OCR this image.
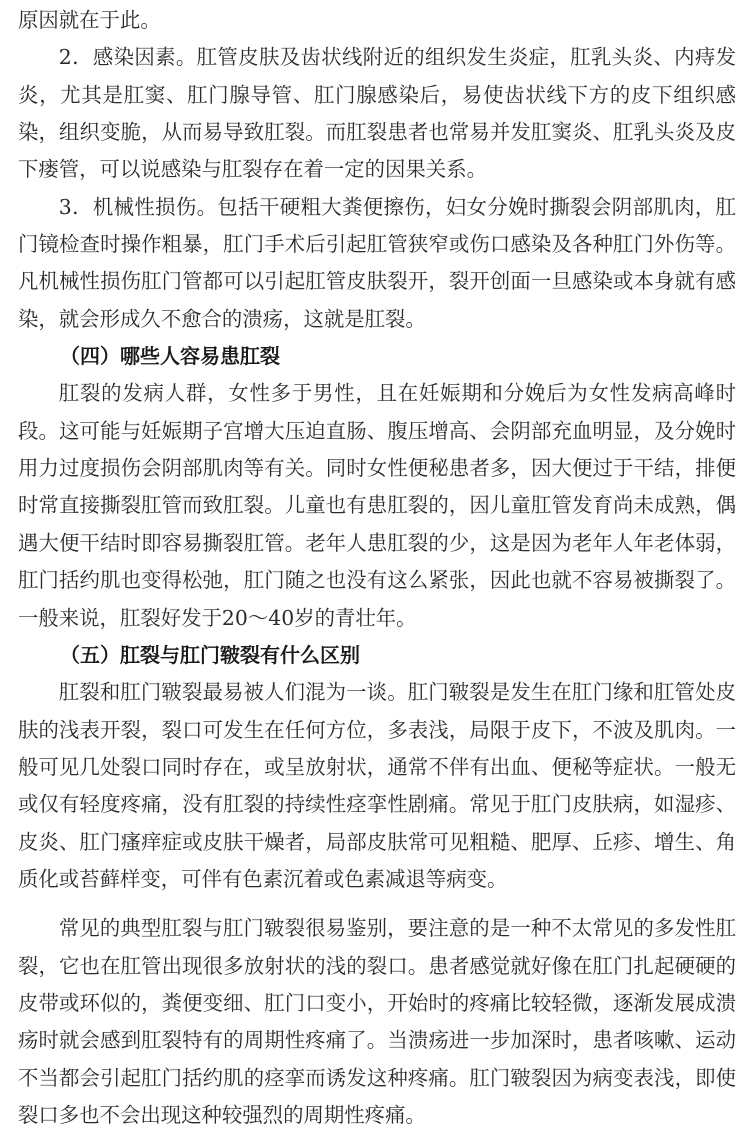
原因就在于此。

2．感染因素。肛管皮肤及齿状线附近的组织发生炎症，肛乳头炎、内痔发炎，尤其是肛窦、肛门腺导管、肛门腺感染后，易使齿状线下方的皮下组织感染，组织变脆，从而易导致肛裂。而肛裂患者也常易并发肛窦炎、肛乳头炎及皮下瘘管，可以说感染与肛裂存在着一定的因果关系。

3．机械性损伤。包括干硬粗大粪便擦伤，妇女分娩时撕裂会阴部肌肉，肛门镜检查时操作粗暴，肛门手术后引起肛管狭窄或伤口感染及各种肛门外伤等。凡机械性损伤肛门管都可以引起肛管皮肤裂开，裂开创面一旦感染或本身就有感染，就会形成久不愈合的溃疡，这就是肛裂。

（四）哪些人容易患肛裂

肛裂的发病人群，女性多于男性，且在妊娠期和分娩后为女性发病高峰时段。这可能与妊娠期子宫增大压迫直肠、腹压增高、会阴部充血明显，及分娩时用力过度损伤会阴部肌肉等有关。同时女性便秘患者多，因大便过于干结，排便时常直接撕裂肛管而致肛裂。儿童也有患肛裂的，因儿童肛管发育尚未成熟，偶遇大便干结时即容易撕裂肛管。老年人患肛裂的少，这是因为老年人年老体弱，肛门括约肌也变得松弛，肛门随之也没有这么紧张，因此也就不容易被撕裂了。一般来说，肛裂好发于20～40岁的青壮年。

（五）肛裂与肛门皲裂有什么区别

肛裂和肛门皲裂最易被人们混为一谈。肛门皲裂是发生在肛门缘和肛管处皮肤的浅表开裂，裂口可发生在任何方位，多表浅，局限于皮下，不波及肌肉。一般可见几处裂口同时存在，或呈放射状，通常不伴有出血、便秘等症状。一般无或仅有轻度疼痛，没有肛裂的持续性痉挛性剧痛。常见于肛门皮肤病，如湿疹、皮炎、肛门瘙痒症或皮肤干燥者，局部皮肤常可见粗糙、肥厚、丘疹、增生、角质化或苔藓样变，可伴有色素沉着或色素减退等病变。

常见的典型肛裂与肛门皲裂很易鉴别，要注意的是一种不太常见的多发性肛裂，它也在肛管出现很多放射状的浅的裂口。患者感觉就好像在肛门扎起硬硬的皮带或环似的，粪便变细、肛门口变小，开始时的疼痛比较轻微，逐渐发展成溃疡时就会感到肛裂特有的周期性疼痛了。当溃疡进一步加深时，患者咳嗽、运动不当都会引起肛门括约肌的痉挛而诱发这种疼痛。肛门皲裂因为病变表浅，即使裂口多也不会出现这种较强烈的周期性疼痛。
